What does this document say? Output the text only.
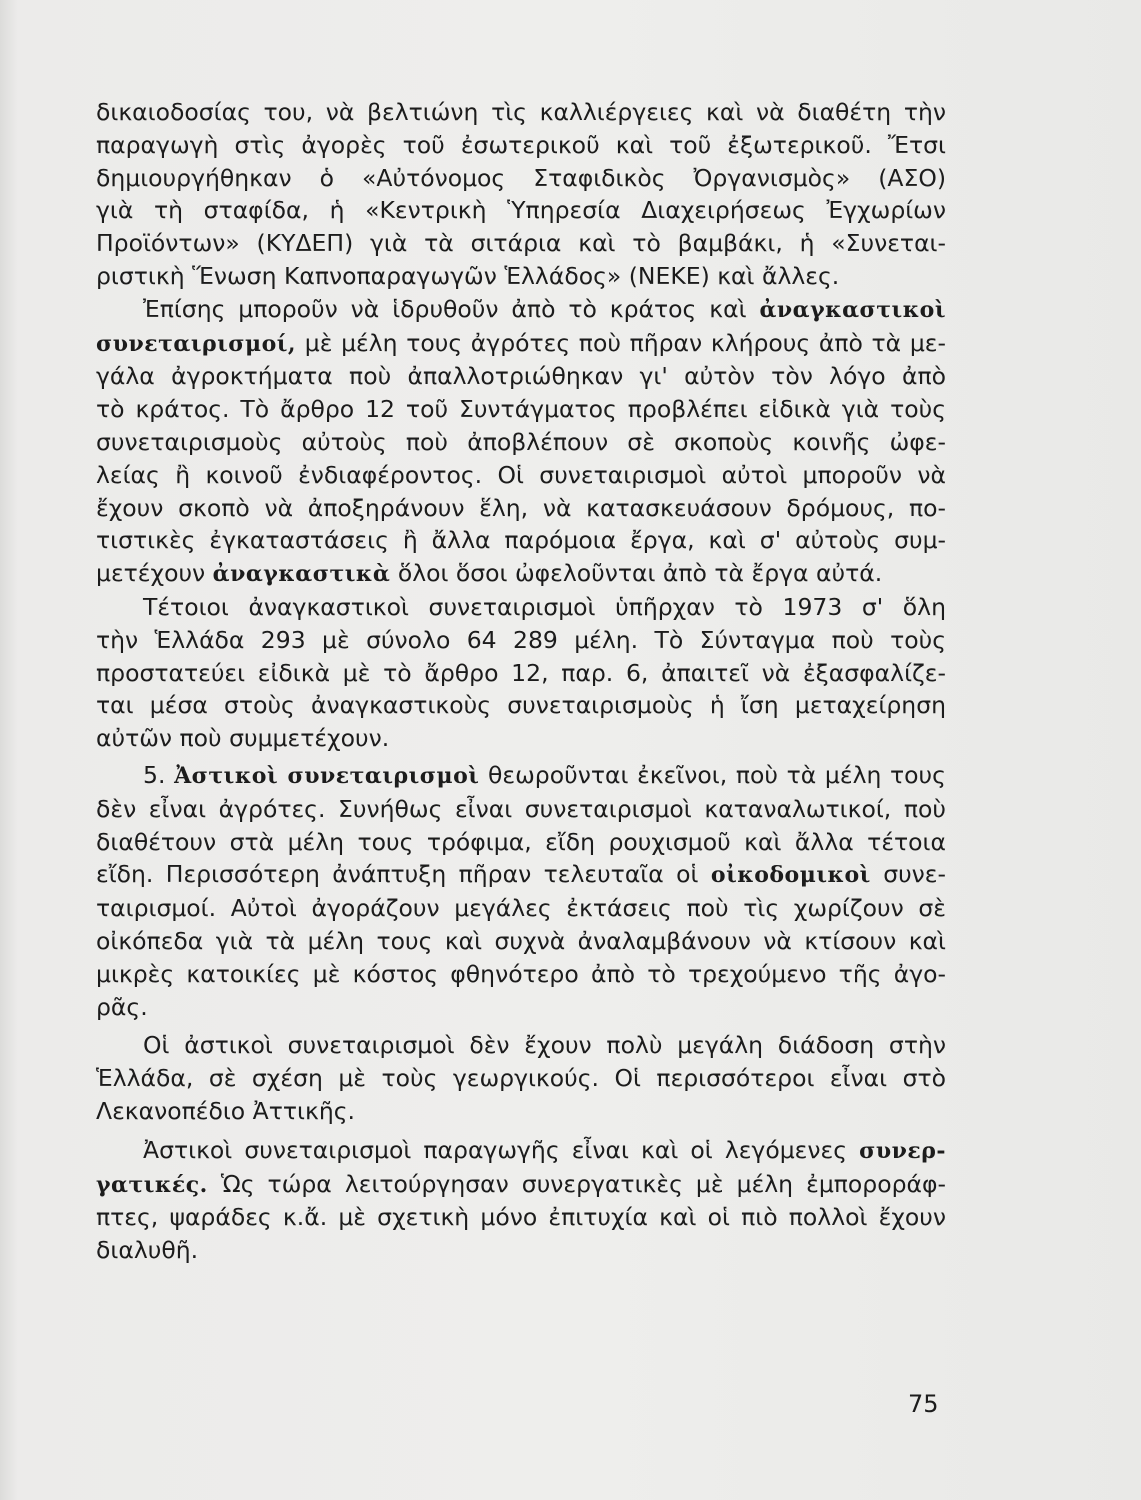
δικαιοδοσίας του, νὰ βελτιώνη τὶς καλλιέργειες καὶ νὰ διαθέτη τὴν
παραγωγὴ στὶς ἀγορὲς τοῦ ἐσωτερικοῦ καὶ τοῦ ἐξωτερικοῦ. Ἔτσι
δημιουργήθηκαν ὁ «Αὐτόνομος Σταφιδικὸς Ὀργανισμὸς» (ΑΣΟ)
γιὰ τὴ σταφίδα, ἡ «Κεντρικὴ Ὑπηρεσία Διαχειρήσεως Ἐγχωρίων
Προϊόντων» (ΚΥΔΕΠ) γιὰ τὰ σιτάρια καὶ τὸ βαμβάκι, ἡ «Συνεται-
ριστικὴ Ἕνωση Καπνοπαραγωγῶν Ἑλλάδος» (ΝΕΚΕ) καὶ ἄλλες.

Ἐπίσης μποροῦν νὰ ἱδρυθοῦν ἀπὸ τὸ κράτος καὶ ἀναγκαστικοὶ
συνεταιρισμοί, μὲ μέλη τους ἀγρότες ποὺ πῆραν κλήρους ἀπὸ τὰ με-
γάλα ἀγροκτήματα ποὺ ἀπαλλοτριώθηκαν γι' αὐτὸν τὸν λόγο ἀπὸ
τὸ κράτος. Τὸ ἄρθρο 12 τοῦ Συντάγματος προβλέπει εἰδικὰ γιὰ τοὺς
συνεταιρισμοὺς αὐτοὺς ποὺ ἀποβλέπουν σὲ σκοποὺς κοινῆς ὠφε-
λείας ἢ κοινοῦ ἐνδιαφέροντος. Οἱ συνεταιρισμοὶ αὐτοὶ μποροῦν νὰ
ἔχουν σκοπὸ νὰ ἀποξηράνουν ἕλη, νὰ κατασκευάσουν δρόμους, πο-
τιστικὲς ἐγκαταστάσεις ἢ ἄλλα παρόμοια ἔργα, καὶ σ' αὐτοὺς συμ-
μετέχουν ἀναγκαστικὰ ὅλοι ὅσοι ὠφελοῦνται ἀπὸ τὰ ἔργα αὐτά.

Τέτοιοι ἀναγκαστικοὶ συνεταιρισμοὶ ὑπῆρχαν τὸ 1973 σ' ὅλη
τὴν Ἑλλάδα 293 μὲ σύνολο 64 289 μέλη. Τὸ Σύνταγμα ποὺ τοὺς
προστατεύει εἰδικὰ μὲ τὸ ἄρθρο 12, παρ. 6, ἀπαιτεῖ νὰ ἐξασφαλίζε-
ται μέσα στοὺς ἀναγκαστικοὺς συνεταιρισμοὺς ἡ ἴση μεταχείρηση
αὐτῶν ποὺ συμμετέχουν.

5. Ἀστικοὶ συνεταιρισμοὶ θεωροῦνται ἐκεῖνοι, ποὺ τὰ μέλη τους
δὲν εἶναι ἀγρότες. Συνήθως εἶναι συνεταιρισμοὶ καταναλωτικοί, ποὺ
διαθέτουν στὰ μέλη τους τρόφιμα, εἴδη ρουχισμοῦ καὶ ἄλλα τέτοια
εἴδη. Περισσότερη ἀνάπτυξη πῆραν τελευταῖα οἱ οἰκοδομικοὶ συνε-
ταιρισμοί. Αὐτοὶ ἀγοράζουν μεγάλες ἐκτάσεις ποὺ τὶς χωρίζουν σὲ
οἰκόπεδα γιὰ τὰ μέλη τους καὶ συχνὰ ἀναλαμβάνουν νὰ κτίσουν καὶ
μικρὲς κατοικίες μὲ κόστος φθηνότερο ἀπὸ τὸ τρεχούμενο τῆς ἀγο-
ρᾶς.

Οἱ ἀστικοὶ συνεταιρισμοὶ δὲν ἔχουν πολὺ μεγάλη διάδοση στὴν
Ἑλλάδα, σὲ σχέση μὲ τοὺς γεωργικούς. Οἱ περισσότεροι εἶναι στὸ
Λεκανοπέδιο Ἀττικῆς.

Ἀστικοὶ συνεταιρισμοὶ παραγωγῆς εἶναι καὶ οἱ λεγόμενες συνερ-
γατικές. Ὡς τώρα λειτούργησαν συνεργατικὲς μὲ μέλη ἐμποροράφ-
πτες, ψαράδες κ.ἄ. μὲ σχετικὴ μόνο ἐπιτυχία καὶ οἱ πιὸ πολλοὶ ἔχουν
διαλυθῆ.

75
